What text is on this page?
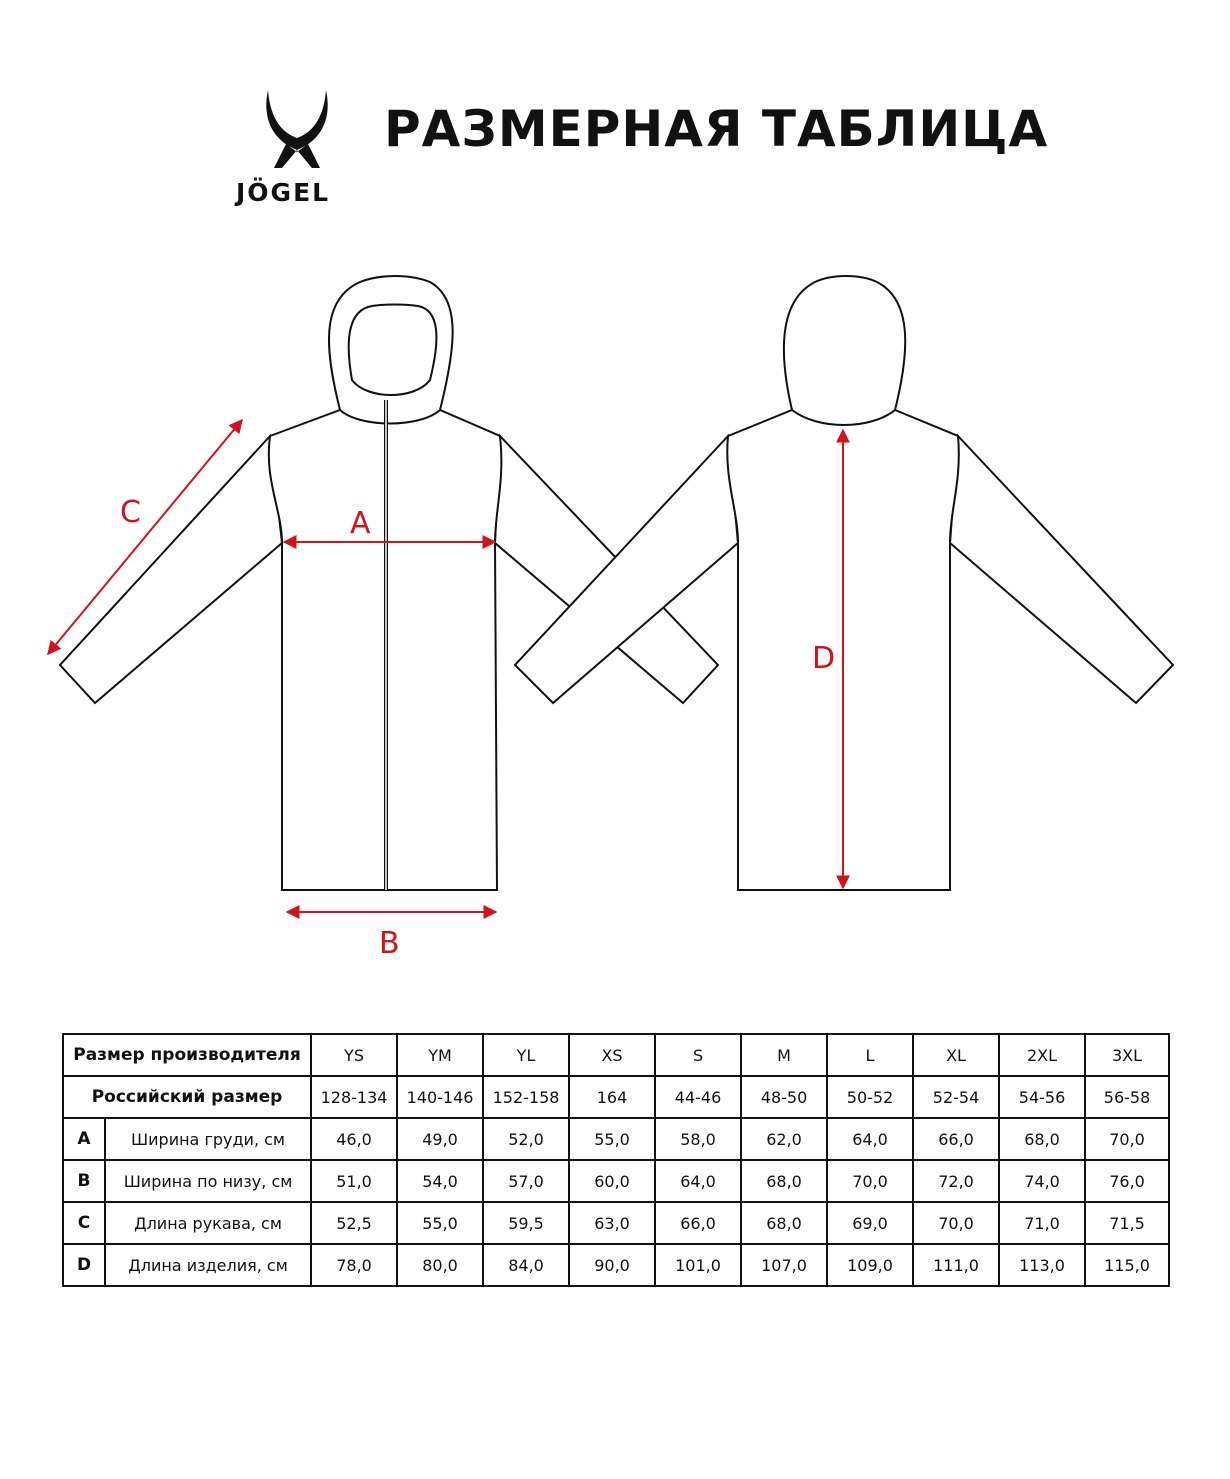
JÖGEL
РАЗМЕРНАЯ ТАБЛИЦА
A
B
C
D
Размер производителя		YS	YM	YL	XS	S	M	L	XL	2XL	3XL
Российский размер		128-134	140-146	152-158	164	44-46	48-50	50-52	52-54	54-56	56-58
A	Ширина груди, см	46,0	49,0	52,0	55,0	58,0	62,0	64,0	66,0	68,0	70,0
B	Ширина по низу, см	51,0	54,0	57,0	60,0	64,0	68,0	70,0	72,0	74,0	76,0
C	Длина рукава, см	52,5	55,0	59,5	63,0	66,0	68,0	69,0	70,0	71,0	71,5
D	Длина изделия, см	78,0	80,0	84,0	90,0	101,0	107,0	109,0	111,0	113,0	115,0
